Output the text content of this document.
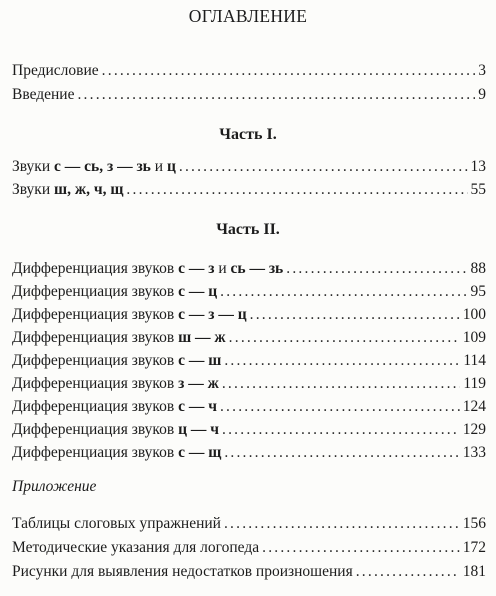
ОГЛАВЛЕНИЕ
Предисловие .....	3
Введение .....	9
Часть I.
Звуки с — сь, з — зь и ц .....	13
Звуки ш, ж, ч, щ .....	55
Часть II.
Дифференциация звуков с — з и сь — зь .....	88
Дифференциация звуков с — ц .....	95
Дифференциация звуков с — з — ц .....	100
Дифференциация звуков ш — ж .....	109
Дифференциация звуков с — ш .....	114
Дифференциация звуков з — ж .....	119
Дифференциация звуков с — ч .....	124
Дифференциация звуков ц — ч .....	129
Дифференциация звуков с — щ .....	133
Приложение
Таблицы слоговых упражнений .....	156
Методические указания для логопеда .....	172
Рисунки для выявления недостатков произношения .....	181
